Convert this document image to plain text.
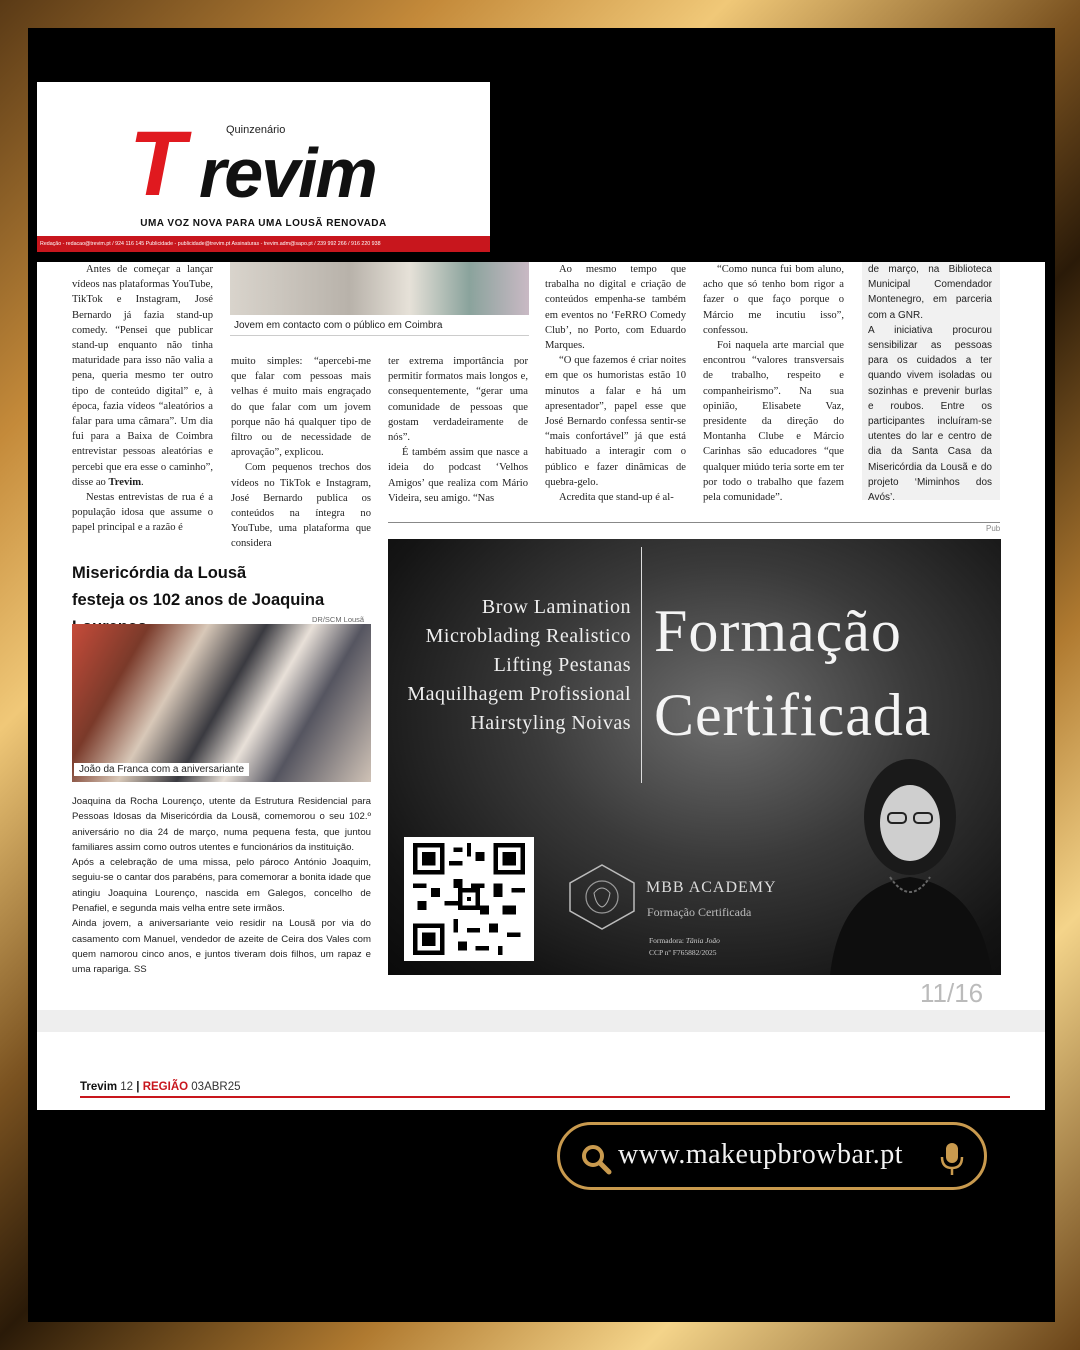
Quinzenário
T revim
UMA VOZ NOVA PARA UMA LOUSÃ RENOVADA
Redação - redacao@trevim.pt / 924 116 145 Publicidade - publicidade@trevim.pt Assinaturas - trevim.adm@sapo.pt / 239 992 266 / 916 220 938

Antes de começar a lançar vídeos nas plataformas YouTube, TikTok e Instagram, José Bernardo já fazia stand-up comedy. “Pensei que publicar stand-up enquanto não tinha maturidade para isso não valia a pena, queria mesmo ter outro tipo de conteúdo digital” e, à época, fazia vídeos “aleatórios a falar para uma câmara”. Um dia fui para a Baixa de Coimbra entrevistar pessoas aleatórias e percebi que era esse o caminho”, disse ao Trevim.

Nestas entrevistas de rua é a população idosa que assume o papel principal e a razão é

Jovem em contacto com o público em Coimbra

muito simples: “apercebi-me que falar com pessoas mais velhas é muito mais engraçado do que falar com um jovem porque não há qualquer tipo de filtro ou de necessidade de aprovação”, explicou.

Com pequenos trechos dos vídeos no TikTok e Instagram, José Bernardo publica os conteúdos na íntegra no YouTube, uma plataforma que considera

ter extrema importância por permitir formatos mais longos e, consequentemente, “gerar uma comunidade de pessoas que gostam verdadeiramente de nós”.

É também assim que nasce a ideia do podcast ‘Velhos Amigos’ que realiza com Mário Videira, seu amigo. “Nas

Ao mesmo tempo que trabalha no digital e criação de conteúdos empenha-se também em eventos no ‘FeRRO Comedy Club’, no Porto, com Eduardo Marques.

“O que fazemos é criar noites em que os humoristas estão 10 minutos a falar e há um apresentador”, papel esse que José Bernardo confessa sentir-se “mais confortável” já que está habituado a interagir com o público e fazer dinâmicas de quebra-gelo.

Acredita que stand-up é al-

“Como nunca fui bom aluno, acho que só tenho bom rigor a fazer o que faço porque o Márcio me incutiu isso”, confessou.

Foi naquela arte marcial que encontrou “valores transversais de trabalho, respeito e companheirismo”. Na sua opinião, Elisabete Vaz, presidente da direção do Montanha Clube e Márcio Carinhas são educadores “que qualquer miúdo teria sorte em ter por todo o trabalho que fazem pela comunidade”.

de março, na Biblioteca Municipal Comendador Montenegro, em parceria com a GNR.

A iniciativa procurou sensibilizar as pessoas para os cuidados a ter quando vivem isoladas ou sozinhas e prevenir burlas e roubos. Entre os participantes incluíram-se utentes do lar e centro de dia da Santa Casa da Misericórdia da Lousã e do projeto ‘Miminhos dos Avós’.

Pub
Misericórdia da Lousã
festeja os 102 anos de Joaquina
DR/SCM Lousã
João da Franca com a aniversariante

Joaquina da Rocha Lourenço, utente da Estrutura Residencial para Pessoas Idosas da Misericórdia da Lousã, comemorou o seu 102.º aniversário no dia 24 de março, numa pequena festa, que juntou familiares assim como outros utentes e funcionários da instituição.

Após a celebração de uma missa, pelo pároco António Joaquim, seguiu-se o cantar dos parabéns, para comemorar a bonita idade que atingiu Joaquina Lourenço, nascida em Galegos, concelho de Penafiel, e segunda mais velha entre sete irmãos.

Ainda jovem, a aniversariante veio residir na Lousã por via do casamento com Manuel, vendedor de azeite de Ceira dos Vales com quem namorou cinco anos, e juntos tiveram dois filhos, um rapaz e uma rapariga. SS

Brow Lamination
Microblading Realistico
Lifting Pestanas
Maquilhagem Profissional
Hairstyling Noivas
Formação
Certificada
MBB ACADEMY
Formação Certificada
Formadora: Tânia João
CCP nº F765882/2025
11/16
Trevim 12 | REGIÃO 03ABR25
www.makeupbrowbar.pt
